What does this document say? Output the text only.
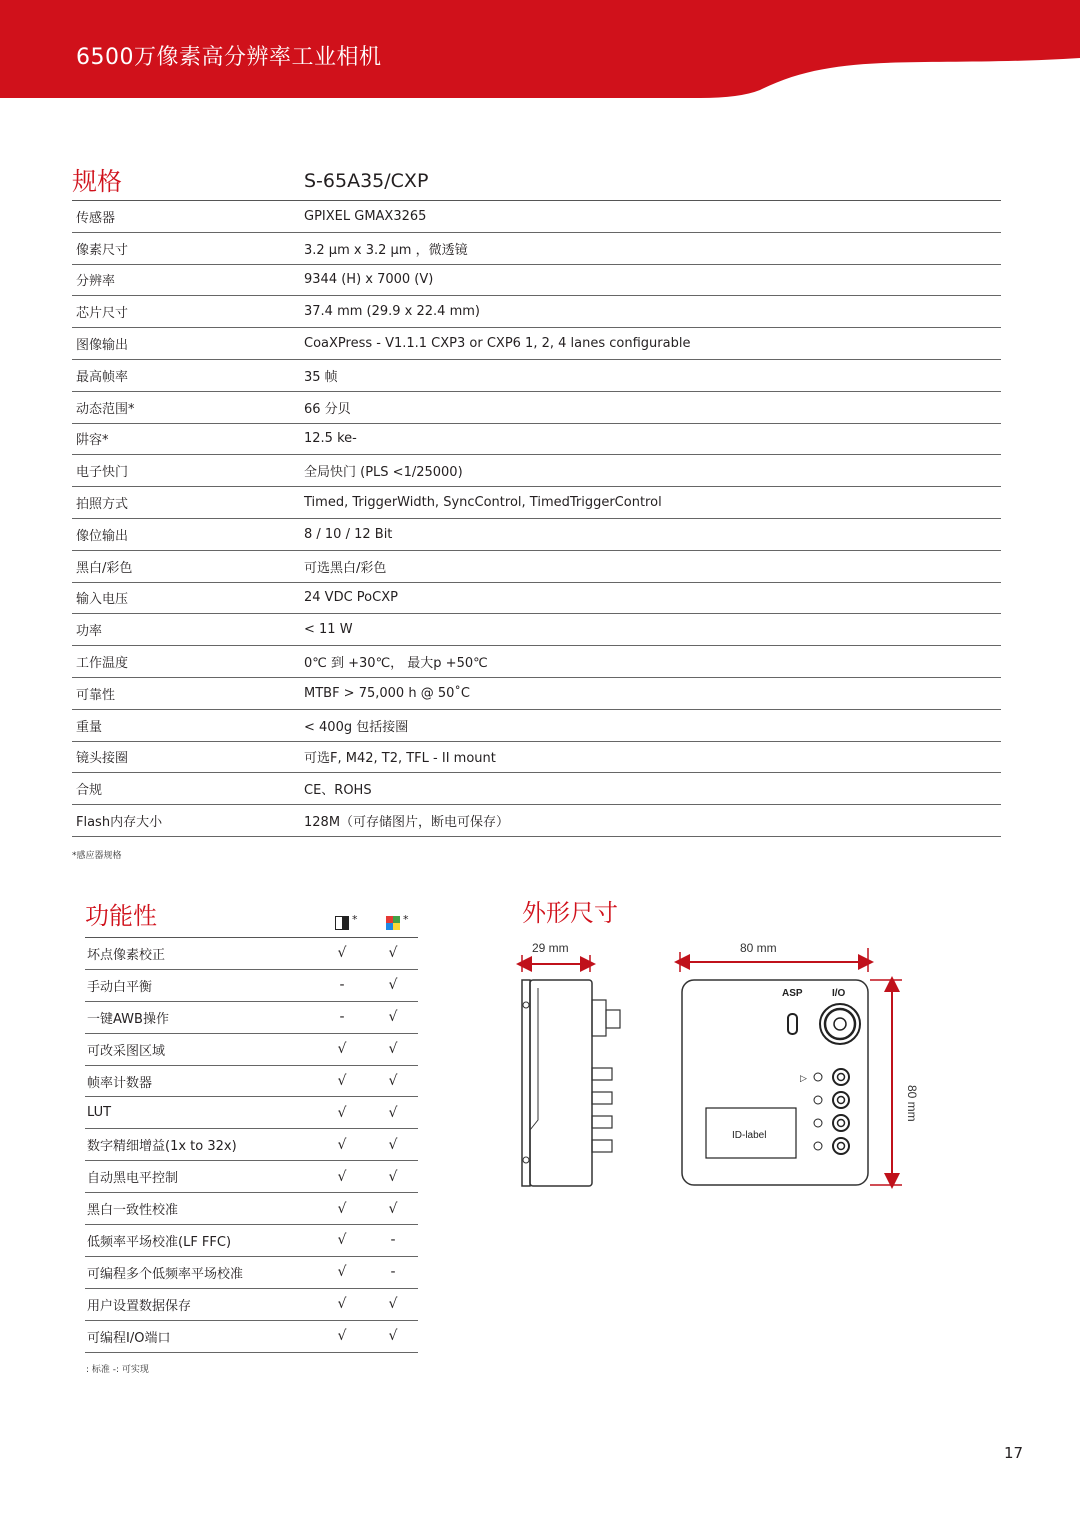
6500万像素高分辨率工业相机
规格	S-65A35/CXP
传感器	GPIXEL GMAX3265
像素尺寸	3.2 µm x 3.2 µm ，微透镜
分辨率	9344 (H) x 7000 (V)
芯片尺寸	37.4 mm (29.9 x 22.4 mm)
图像输出	CoaXPress - V1.1.1 CXP3 or CXP6 1, 2, 4 lanes configurable
最高帧率	35 帧
动态范围*	66 分贝
阱容*	12.5 ke-
电子快门	全局快门 (PLS <1/25000)
拍照方式	Timed, TriggerWidth, SyncControl, TimedTriggerControl
像位输出	8 / 10 / 12 Bit
黑白/彩色	可选黑白/彩色
输入电压	24 VDC PoCXP
功率	< 11 W
工作温度	0℃ 到 +30℃， 最大p +50℃
可靠性	MTBF > 75,000 h @ 50˚C
重量	< 400g 包括接圈
镜头接圈	可选F, M42, T2, TFL - II mount
合规	CE、ROHS
Flash内存大小	128M（可存储图片，断电可保存）
*感应器规格
功能性	*	*
坏点像素校正	√	√
手动白平衡	-	√
一键AWB操作	-	√
可改采图区域	√	√
帧率计数器	√	√
LUT	√	√
数字精细增益(1x to 32x)	√	√
自动黑电平控制	√	√
黑白一致性校准	√	√
低频率平场校准(LF FFC)	√	-
可编程多个低频率平场校准	√	-
用户设置数据保存	√	√
可编程I/O端口	√	√
: 标准 -: 可实现
外形尺寸
29 mm	80 mm
80 mm
ASP	I/O
▷
ID-label
17
